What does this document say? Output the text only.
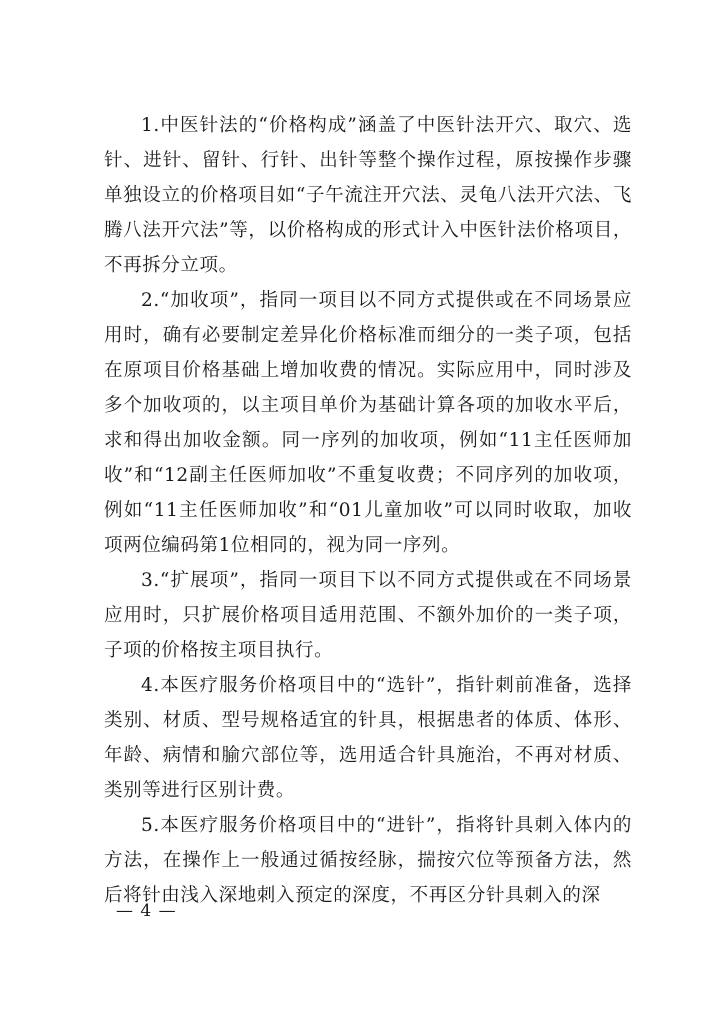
1.中医针法的“价格构成”涵盖了中医针法开穴、取穴、选针、进针、留针、行针、出针等整个操作过程，原按操作步骤单独设立的价格项目如“子午流注开穴法、灵龟八法开穴法、飞腾八法开穴法”等，以价格构成的形式计入中医针法价格项目，不再拆分立项。

2.“加收项”，指同一项目以不同方式提供或在不同场景应用时，确有必要制定差异化价格标准而细分的一类子项，包括在原项目价格基础上增加收费的情况。实际应用中，同时涉及多个加收项的，以主项目单价为基础计算各项的加收水平后，求和得出加收金额。同一序列的加收项，例如“11主任医师加收”和“12副主任医师加收”不重复收费；不同序列的加收项，例如“11主任医师加收”和“01儿童加收”可以同时收取，加收项两位编码第1位相同的，视为同一序列。

3.“扩展项”，指同一项目下以不同方式提供或在不同场景应用时，只扩展价格项目适用范围、不额外加价的一类子项，子项的价格按主项目执行。

4.本医疗服务价格项目中的“选针”，指针刺前准备，选择类别、材质、型号规格适宜的针具，根据患者的体质、体形、年龄、病情和腧穴部位等，选用适合针具施治，不再对材质、类别等进行区别计费。

5.本医疗服务价格项目中的“进针”，指将针具刺入体内的方法，在操作上一般通过循按经脉，揣按穴位等预备方法，然后将针由浅入深地刺入预定的深度，不再区分针具刺入的深

— 4 —
